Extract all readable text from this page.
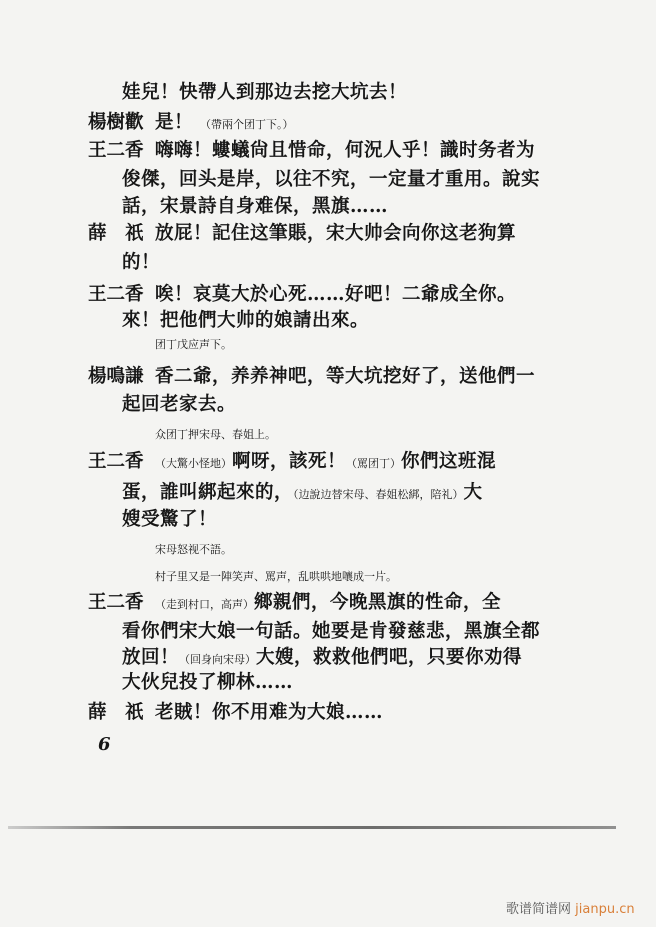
娃兒！快帶人到那边去挖大坑去！
楊樹歡 是！ （帶兩个团丁下。）
王二香 嗨嗨！螻蟻尙且惜命，何況人乎！識时务者为
俊傑，回头是岸，以往不究，一定量才重用。說实
話，宋景詩自身难保，黑旗……
薛　祇 放屁！記住这筆賬，宋大帅会向你这老狗算
的！
王二香 唉！哀莫大於心死……好吧！二爺成全你。
來！把他們大帅的娘請出來。
团丁戊应声下。
楊鳴謙 香二爺，养养神吧，等大坑挖好了，送他們一
起回老家去。
众团丁押宋母、春姐上。
王二香 （大驚小怪地）啊呀，該死！（罵团丁）你們这班混
蛋，誰叫綁起來的，（边說边替宋母、春姐松綁，陪礼）大
嫂受驚了！
宋母怒视不語。
村子里又是一陣笑声、罵声，乱哄哄地嚷成一片。
王二香 （走到村口，高声）鄉親們，今晚黑旗的性命，全
看你們宋大娘一句話。她要是肯發慈悲，黑旗全都
放回！（回身向宋母）大嫂，救救他們吧，只要你劝得
大伙兒投了柳林……
薛　祇 老賊！你不用难为大娘……
6
歌谱简谱网 jianpu.cn
